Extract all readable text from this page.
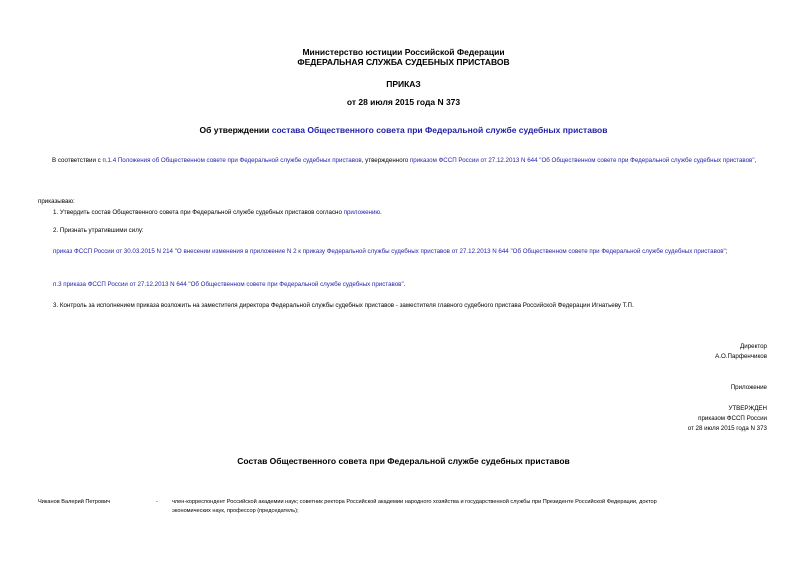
Министерство юстиции Российской Федерации
ФЕДЕРАЛЬНАЯ СЛУЖБА СУДЕБНЫХ ПРИСТАВОВ
ПРИКАЗ
от 28 июля 2015 года N 373
Об утверждении состава Общественного совета при Федеральной службе судебных приставов
В соответствии с п.1.4 Положения об Общественном совете при Федеральной службе судебных приставов, утвержденного приказом ФССП России от 27.12.2013 N 644 "Об Общественном совете при Федеральной службе судебных приставов",
приказываю:
1. Утвердить состав Общественного совета при Федеральной службе судебных приставов согласно приложению.
2. Признать утратившими силу:
приказ ФССП России от 30.03.2015 N 214 "О внесении изменения в приложение N 2 к приказу Федеральной службы судебных приставов от 27.12.2013 N 644 "Об Общественном совете при Федеральной службе судебных приставов";
п.3 приказа ФССП России от 27.12.2013 N 644 "Об Общественном совете при Федеральной службе судебных приставов".
3. Контроль за исполнением приказа возложить на заместителя директора Федеральной службы судебных приставов - заместителя главного судебного пристава Российской Федерации Игнатьеву Т.П.
Директор
А.О.Парфенчиков
Приложение
УТВЕРЖДЕН
приказом ФССП России
от 28 июля 2015 года N 373
Состав Общественного совета при Федеральной службе судебных приставов
Чиканов Валерий Петрович	-	член-корреспондент Российской академии наук; советник ректора Российской академии народного хозяйства и государственной службы при Президенте Российской Федерации, доктор
экономических наук, профессор (председатель);
